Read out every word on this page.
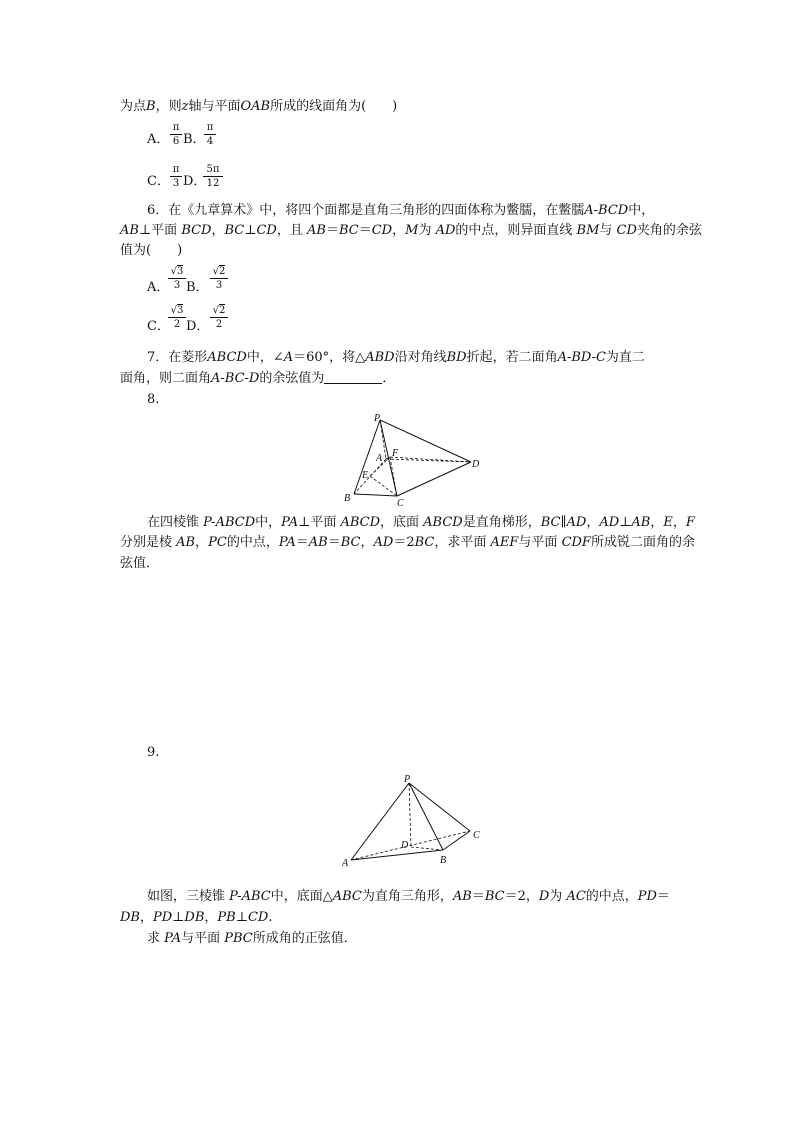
为点B，则z轴与平面OAB所成的线面角为(　　)
A．
π
6 B．
π
4
C．
π
3 D．
5π
12
6．在《九章算术》中，将四个面都是直角三角形的四面体称为鳖臑，在鳖臑A-BCD中，
AB⊥平面 BCD，BC⊥CD，且 AB＝BC＝CD，M为 AD的中点，则异面直线 BM与 CD夹角的余弦
值为(　　)
A．
√3
3 B．
√2
3
C．
√3
2 D．
√2
2
7．在菱形ABCD中，∠A＝60°，将△ABD沿对角线BD折起，若二面角A-BD-C为直二
面角，则二面角A-BC-D的余弦值为	．
8.
P
A F
E
B	C
D
在四棱锥 P-ABCD中，PA⊥平面 ABCD，底面 ABCD是直角梯形，BC∥AD，AD⊥AB，E，F
分别是棱 AB，PC的中点，PA＝AB＝BC，AD＝2BC，求平面 AEF与平面 CDF所成锐二面角的余
弦值．
9.
P
D
C
A	B
如图，三棱锥 P-ABC中，底面△ABC为直角三角形，AB＝BC＝2，D为 AC的中点，PD＝
DB，PD⊥DB，PB⊥CD.
求 PA与平面 PBC所成角的正弦值．
